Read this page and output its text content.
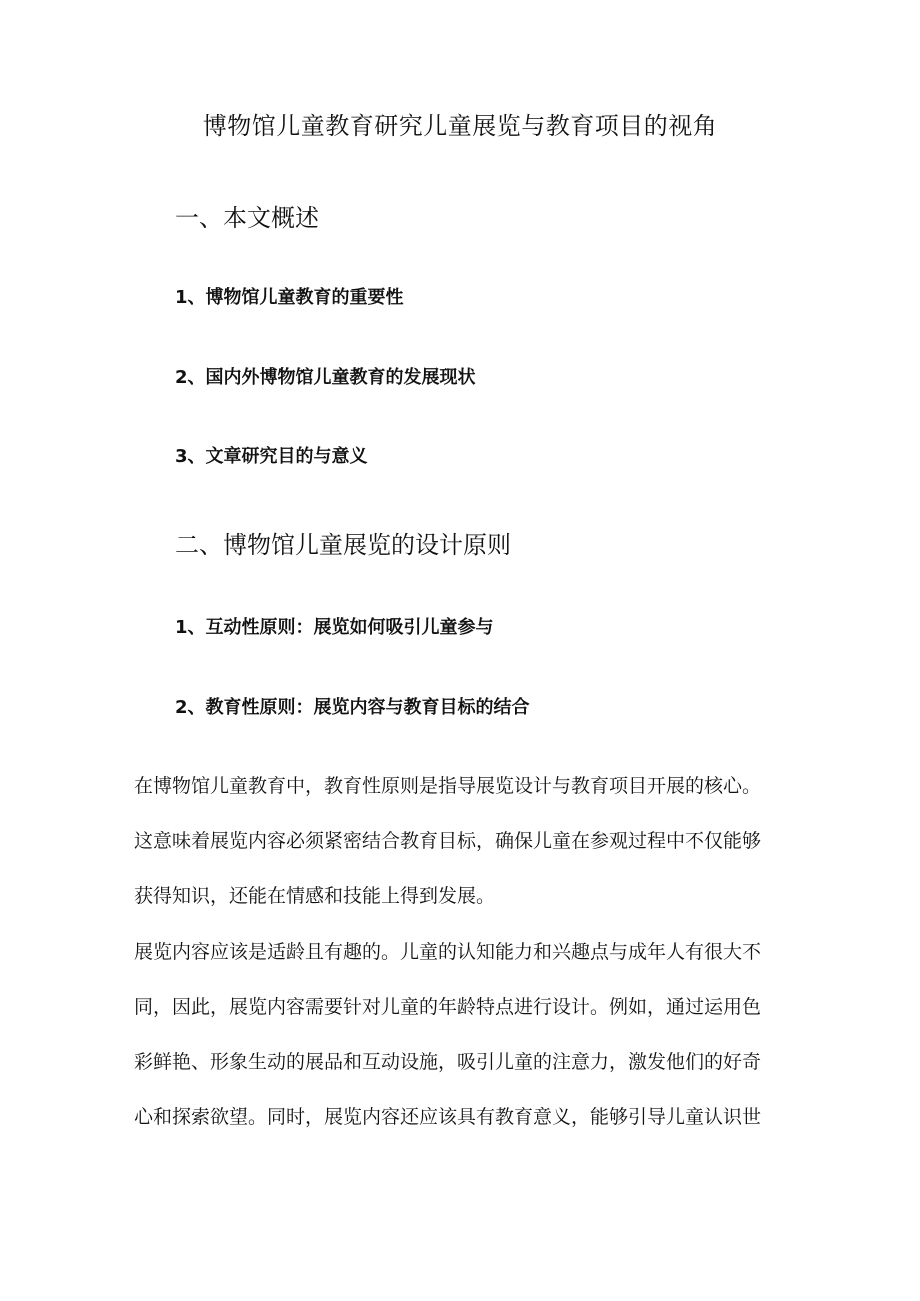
博物馆儿童教育研究儿童展览与教育项目的视角
一、本文概述
1、博物馆儿童教育的重要性
2、国内外博物馆儿童教育的发展现状
3、文章研究目的与意义
二、博物馆儿童展览的设计原则
1、互动性原则：展览如何吸引儿童参与
2、教育性原则：展览内容与教育目标的结合

在博物馆儿童教育中，教育性原则是指导展览设计与教育项目开展的核心。

这意味着展览内容必须紧密结合教育目标，确保儿童在参观过程中不仅能够

获得知识，还能在情感和技能上得到发展。

展览内容应该是适龄且有趣的。儿童的认知能力和兴趣点与成年人有很大不

同，因此，展览内容需要针对儿童的年龄特点进行设计。例如，通过运用色

彩鲜艳、形象生动的展品和互动设施，吸引儿童的注意力，激发他们的好奇

心和探索欲望。同时，展览内容还应该具有教育意义，能够引导儿童认识世
